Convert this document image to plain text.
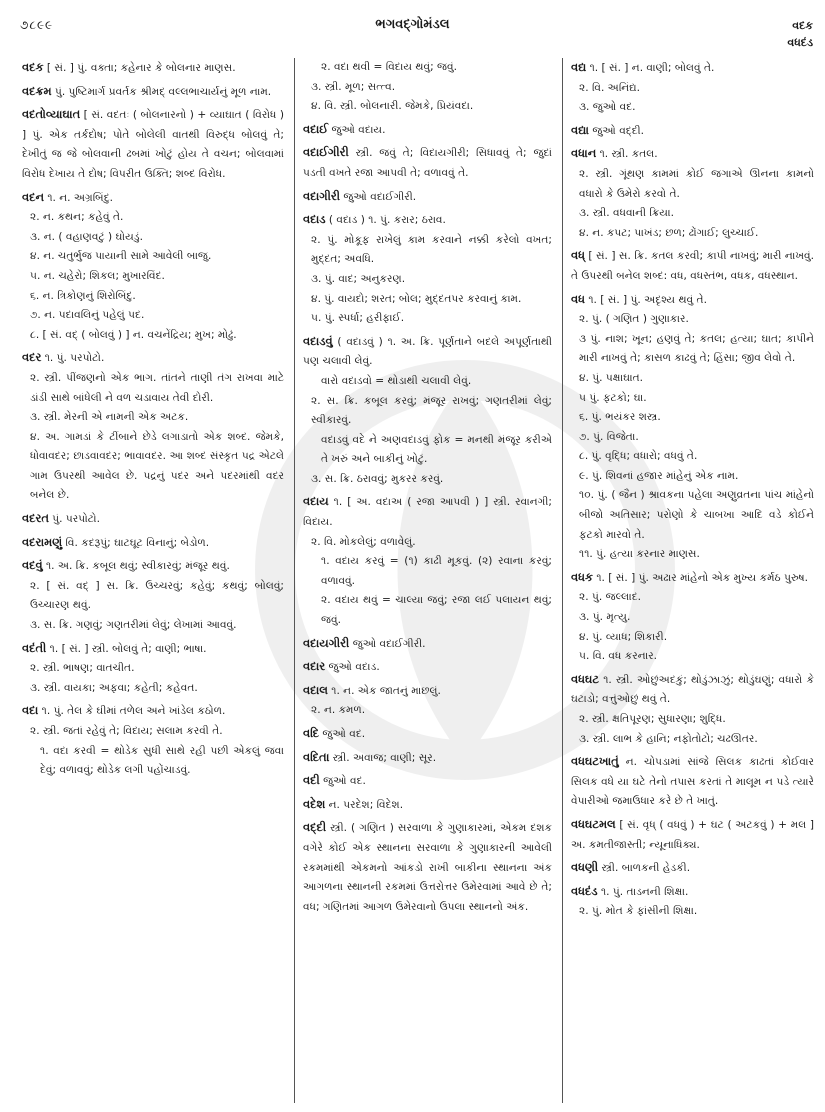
૭૮૯૯	ભગવદ્ગોમંડલ	વદક
વધદંડ
વદક [ સં. ] પું. વક્તા; કહેનાર કે બોલનાર માણસ.
વદક્રમ પું. પુષ્ટિમાર્ગ પ્રવર્તક શ્રીમદ્ વલ્લભાચાર્યનું મૂળ નામ.
વદતોવ્યાઘાત [ સં. વદતઃ ( બોલનારનો ) + વ્યાઘાત ( વિરોધ ) ] પું. એક તર્કદોષ; પોતે બોલેલી વાતથી વિરુદ્ધ બોલવું તે; દેખીતું જ જે બોલવાની ઢબમાં ખોટું હોય તે વચન; બોલવામાં વિરોધ દેખાય તે દોષ; વિપરીત ઉક્તિ; શબ્દ વિરોધ.
વદન ૧. ન. અગ્રબિંદુ.
૨. ન. કથન; કહેવું તે.
૩. ન. ( વહાણવટું ) ઘોયડું.
૪. ન. ચતુર્ભુજ પાયાની સામે આવેલી બાજુ.
૫. ન. ચહેરો; શિકલ; મુખારવિંદ.
૬. ન. ત્રિકોણનું શિરોબિંદુ.
૭. ન. પદાવલિનું પહેલું પદ.
૮. [ સં. વદ્ ( બોલવું ) ] ન. વચનેંદ્રિય; મુખ; મોઢું.
વદર ૧. પું. પરપોટો.
૨. સ્ત્રી. પીંજણનો એક ભાગ. તાંતને તાણી તંગ રાખવા માટે ડાંડી સાથે બાંધેલી ને વળ ચડાવાય તેવી દોરી.
૩. સ્ત્રી. મેરની એ નામની એક અટક.
૪. અ. ગામડાં કે ટીંબાને છેડે લગાડાતો એક શબ્દ. જેમકે, ધોવાવદર; છાડવાવદર; ભાવાવદર. આ શબ્દ સંસ્કૃત પદ્ર એટલે ગામ ઉપરથી આવેલ છે. પદ્રનું પદર અને પદરમાંથી વદર બનેલ છે.
વદરત પું. પરપોટો.
વદરામણું વિ. કદરૂપું; ઘાટઘૂટ વિનાનું; બેડોળ.
વદવું ૧. અ. ક્રિ. કબૂલ થવું; સ્વીકારવું; મંજૂર થવું.
૨. [ સં. વદ્ ] સ. ક્રિ. ઉચ્ચરવું; કહેવું; કથવું; બોલવું; ઉચ્ચારણ થવું.
૩. સ. ક્રિ. ગણવું; ગણતરીમાં લેવું; લેખામાં આવવું.
વદંતી ૧. [ સં. ] સ્ત્રી. બોલવું તે; વાણી; ભાષા.
૨. સ્ત્રી. ભાષણ; વાતચીત.
૩. સ્ત્રી. વાયકા; અફવા; કહેતી; કહેવત.
વદા ૧. પું. તેલ કે ઘીમાં તળેલ અને ખાંડેલ કઠોળ.
૨. સ્ત્રી. જતાં રહેવું તે; વિદાય; સલામ કરવી તે.
૧. વદા કરવી = થોડેક સુધી સાથે રહી પછી એકલું જવા દેવું; વળાવવું; થોડેક લગી પહોંચાડવું.
૨. વદા થવી = વિદાય થવું; જવું.
૩. સ્ત્રી. મૂળ; સત્ત્વ.
૪. વિ. સ્ત્રી. બોલનારી. જેમકે, પ્રિયંવદા.
વદાઈ જુઓ વદાય.
વદાઈગીરી સ્ત્રી. જવું તે; વિદાયગીરી; સિધાવવું તે; જુદાં પડતી વખતે રજા આપવી તે; વળાવવું તે.
વદાગીરી જુઓ વદાઈગીરી.
વદાડ ( વદાડ ) ૧. પું. કરાર; ઠરાવ.
૨. પું. મોકૂફ રાખેલું કામ કરવાને નક્કી કરેલો વખત; મુદ્દત; અવધિ.
૩. પું. વાદ; અનુકરણ.
૪. પું. વાયદો; શરત; બોલ; મુદ્દતપર કરવાનું કામ.
૫. પું. સ્પર્ધા; હરીફાઈ.
વદાડવું ( વદાડવું ) ૧. અ. ક્રિ. પૂર્ણતાને બદલે અપૂર્ણતાથી પણ ચલાવી લેવું.
વારો વદાડવો = થોડાથી ચલાવી લેવું.
૨. સ. ક્રિ. કબૂલ કરવું; મંજૂર રાખવું; ગણતરીમાં લેવું; સ્વીકારવું.
વદાડવું વદે ને અણવદાડવું ફોક = મનથી મંજૂર કરીએ તે ખરું અને બાકીનું ખોટું.
૩. સ. ક્રિ. ઠરાવવું; મુકરર કરવું.
વદાય ૧. [ અ. વદાઅ ( રજા આપવી ) ] સ્ત્રી. રવાનગી; વિદાય.
૨. વિ. મોકલેલું; વળાવેલું.
૧. વદાય કરવું = (૧) કાઢી મૂકવું. (૨) રવાના કરવું; વળાવવું.
૨. વદાય થવું = ચાલ્યા જવું; રજા લઈ પલાયન થવું; જવું.
વદાયગીરી જુઓ વદાઈગીરી.
વદાર જુઓ વદાડ.
વદાલ ૧. ન. એક જાતનું માછલું.
૨. ન. કમળ.
વદિ જુઓ વદ.
વદિતા સ્ત્રી. અવાજ; વાણી; સૂર.
વદી જુઓ વદ.
વદેશ ન. પરદેશ; વિદેશ.
વદ્દી સ્ત્રી. ( ગણિત ) સરવાળા કે ગુણાકારમાં, એકમ દશક વગેરે કોઈ એક સ્થાનના સરવાળા કે ગુણાકારની આવેલી રકમમાંથી એકમનો આંકડો રાખી બાકીના સ્થાનના અંક આગળના સ્થાનની રકમમાં ઉત્તરોત્તર ઉમેરવામાં આવે છે તે; વધ; ગણિતમાં આગળ ઉમેરવાનો ઉપલા સ્થાનનો અંક.
વદ્ય ૧. [ સં. ] ન. વાણી; બોલવું તે.
૨. વિ. અનિંદ્ય.
૩. જુઓ વદ.
વદ્યા જુઓ વદ્દી.
વધાન ૧. સ્ત્રી. કતલ.
૨. સ્ત્રી. ગૂંથણ કામમાં કોઈ જગાએ ઊનના કામનો વધારો કે ઉમેરો કરવો તે.
૩. સ્ત્રી. વધવાની ક્રિયા.
૪. ન. કપટ; પાખંડ; છળ; ઢોંગાઈ; લુચ્ચાઈ.
વધ્ [ સં. ] સ. ક્રિ. કતલ કરવી; કાપી નાખવું; મારી નાખવું. તે ઉપરથી બનેલ શબ્દ: વધ, વધસ્તંભ, વધક, વધસ્થાન.
વધ ૧. [ સં. ] પું. અદૃશ્ય થવું તે.
૨. પું. ( ગણિત ) ગુણાકાર.
૩ પું. નાશ; ખૂન; હણવું તે; કતલ; હત્યા; ઘાત; કાપીને મારી નાખવું તે; કાસળ કાઢવું તે; હિંસા; જીવ લેવો તે.
૪. પું. પક્ષાઘાત.
૫ પું. ફટકો; ઘા.
૬. પું. ભયંકર શસ્ત્ર.
૭. પું. વિજેતા.
૮. પું. વૃદ્ધિ; વધારો; વધવું તે.
૯. પું. શિવનાં હજાર માંહેનું એક નામ.
૧૦. પું. ( જૈન ) શ્રાવકના પહેલા અણુવ્રતના પાંચ માંહેનો બીજો અતિસાર; પરોણો કે ચાબખા આદિ વડે કોઈને ફટકો મારવો તે.
૧૧. પું. હત્યા કરનાર માણસ.
વધક ૧. [ સં. ] પું. અઢાર માંહેનો એક મુખ્ય કર્મઠ પુરુષ.
૨. પું. જલ્લાદ.
૩. પું. મૃત્યુ.
૪. પું. વ્યાધ; શિકારી.
૫. વિ. વધ કરનાર.
વધઘટ ૧. સ્ત્રી. ઓછુંઅદકું; થોડુંઝાઝું; થોડુંઘણું; વધારો કે ઘટાડો; વત્તુંઓછું થવું તે.
૨. સ્ત્રી. ક્ષતિપૂરણ; સુધારણા; શુદ્ધિ.
૩. સ્ત્રી. લાભ કે હાનિ; નફોતોટો; ચઢઊતર.
વધઘટખાતું ન. ચોપડામાં સાંજે સિલક કાઢતાં કોઈવાર સિલક વધે યા ઘટે તેનો તપાસ કરતાં તે માલૂમ ન પડે ત્યારે વેપારીઓ જમાઉધાર કરે છે તે ખાતું.
વધઘટમલ [ સં. વૃધ્ ( વધવું ) + ઘટ ( અટકવું ) + મલ ] અ. કમતીજાસ્તી; ન્યૂનાધિક્ય.
વધણી સ્ત્રી. બાળકની હેડકી.
વધદંડ ૧. પું. તાડનની શિક્ષા.
૨. પું. મોત કે ફાંસીની શિક્ષા.
